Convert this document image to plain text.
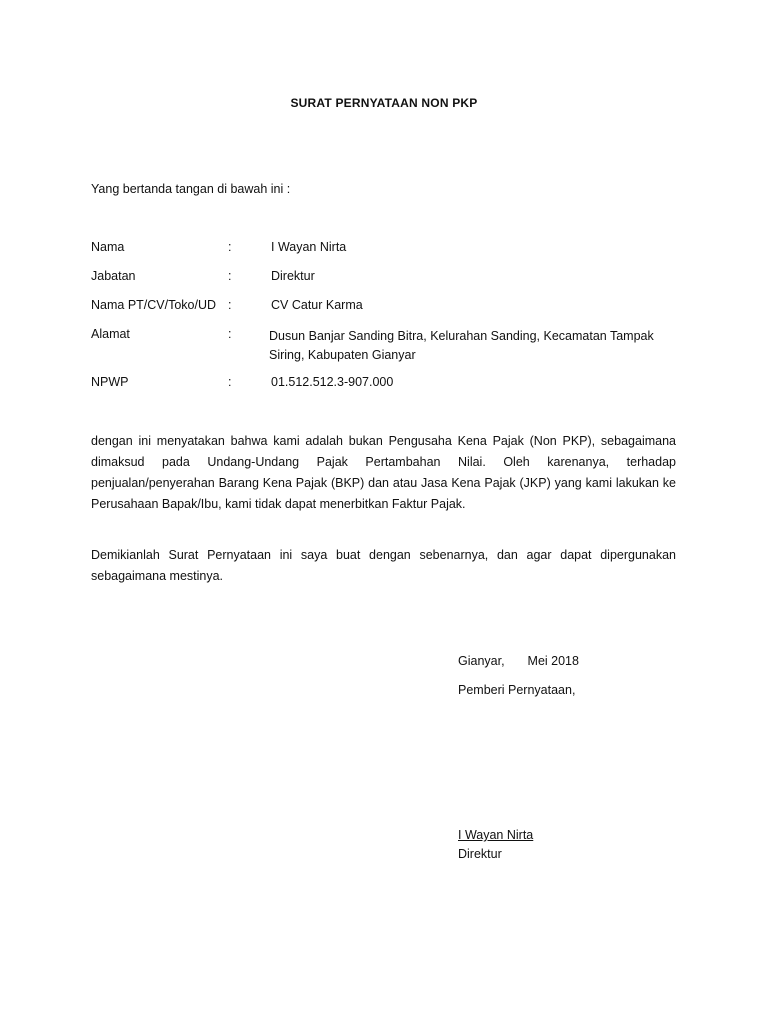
SURAT PERNYATAAN NON PKP
Yang bertanda tangan di bawah ini :
Nama	:	I Wayan Nirta
Jabatan	:	Direktur
Nama PT/CV/Toko/UD :	CV Catur Karma
Alamat	:	Dusun Banjar Sanding Bitra, Kelurahan Sanding, Kecamatan Tampak Siring, Kabupaten Gianyar
NPWP	:	01.512.512.3-907.000
dengan ini menyatakan bahwa kami adalah bukan Pengusaha Kena Pajak (Non PKP), sebagaimana dimaksud pada Undang-Undang Pajak Pertambahan Nilai. Oleh karenanya, terhadap penjualan/penyerahan Barang Kena Pajak (BKP) dan atau Jasa Kena Pajak (JKP) yang kami lakukan ke Perusahaan Bapak/Ibu, kami tidak dapat menerbitkan Faktur Pajak.
Demikianlah Surat Pernyataan ini saya buat dengan sebenarnya, dan agar dapat dipergunakan sebagaimana mestinya.
Gianyar, Mei 2018
Pemberi Pernyataan,
I Wayan Nirta
Direktur
